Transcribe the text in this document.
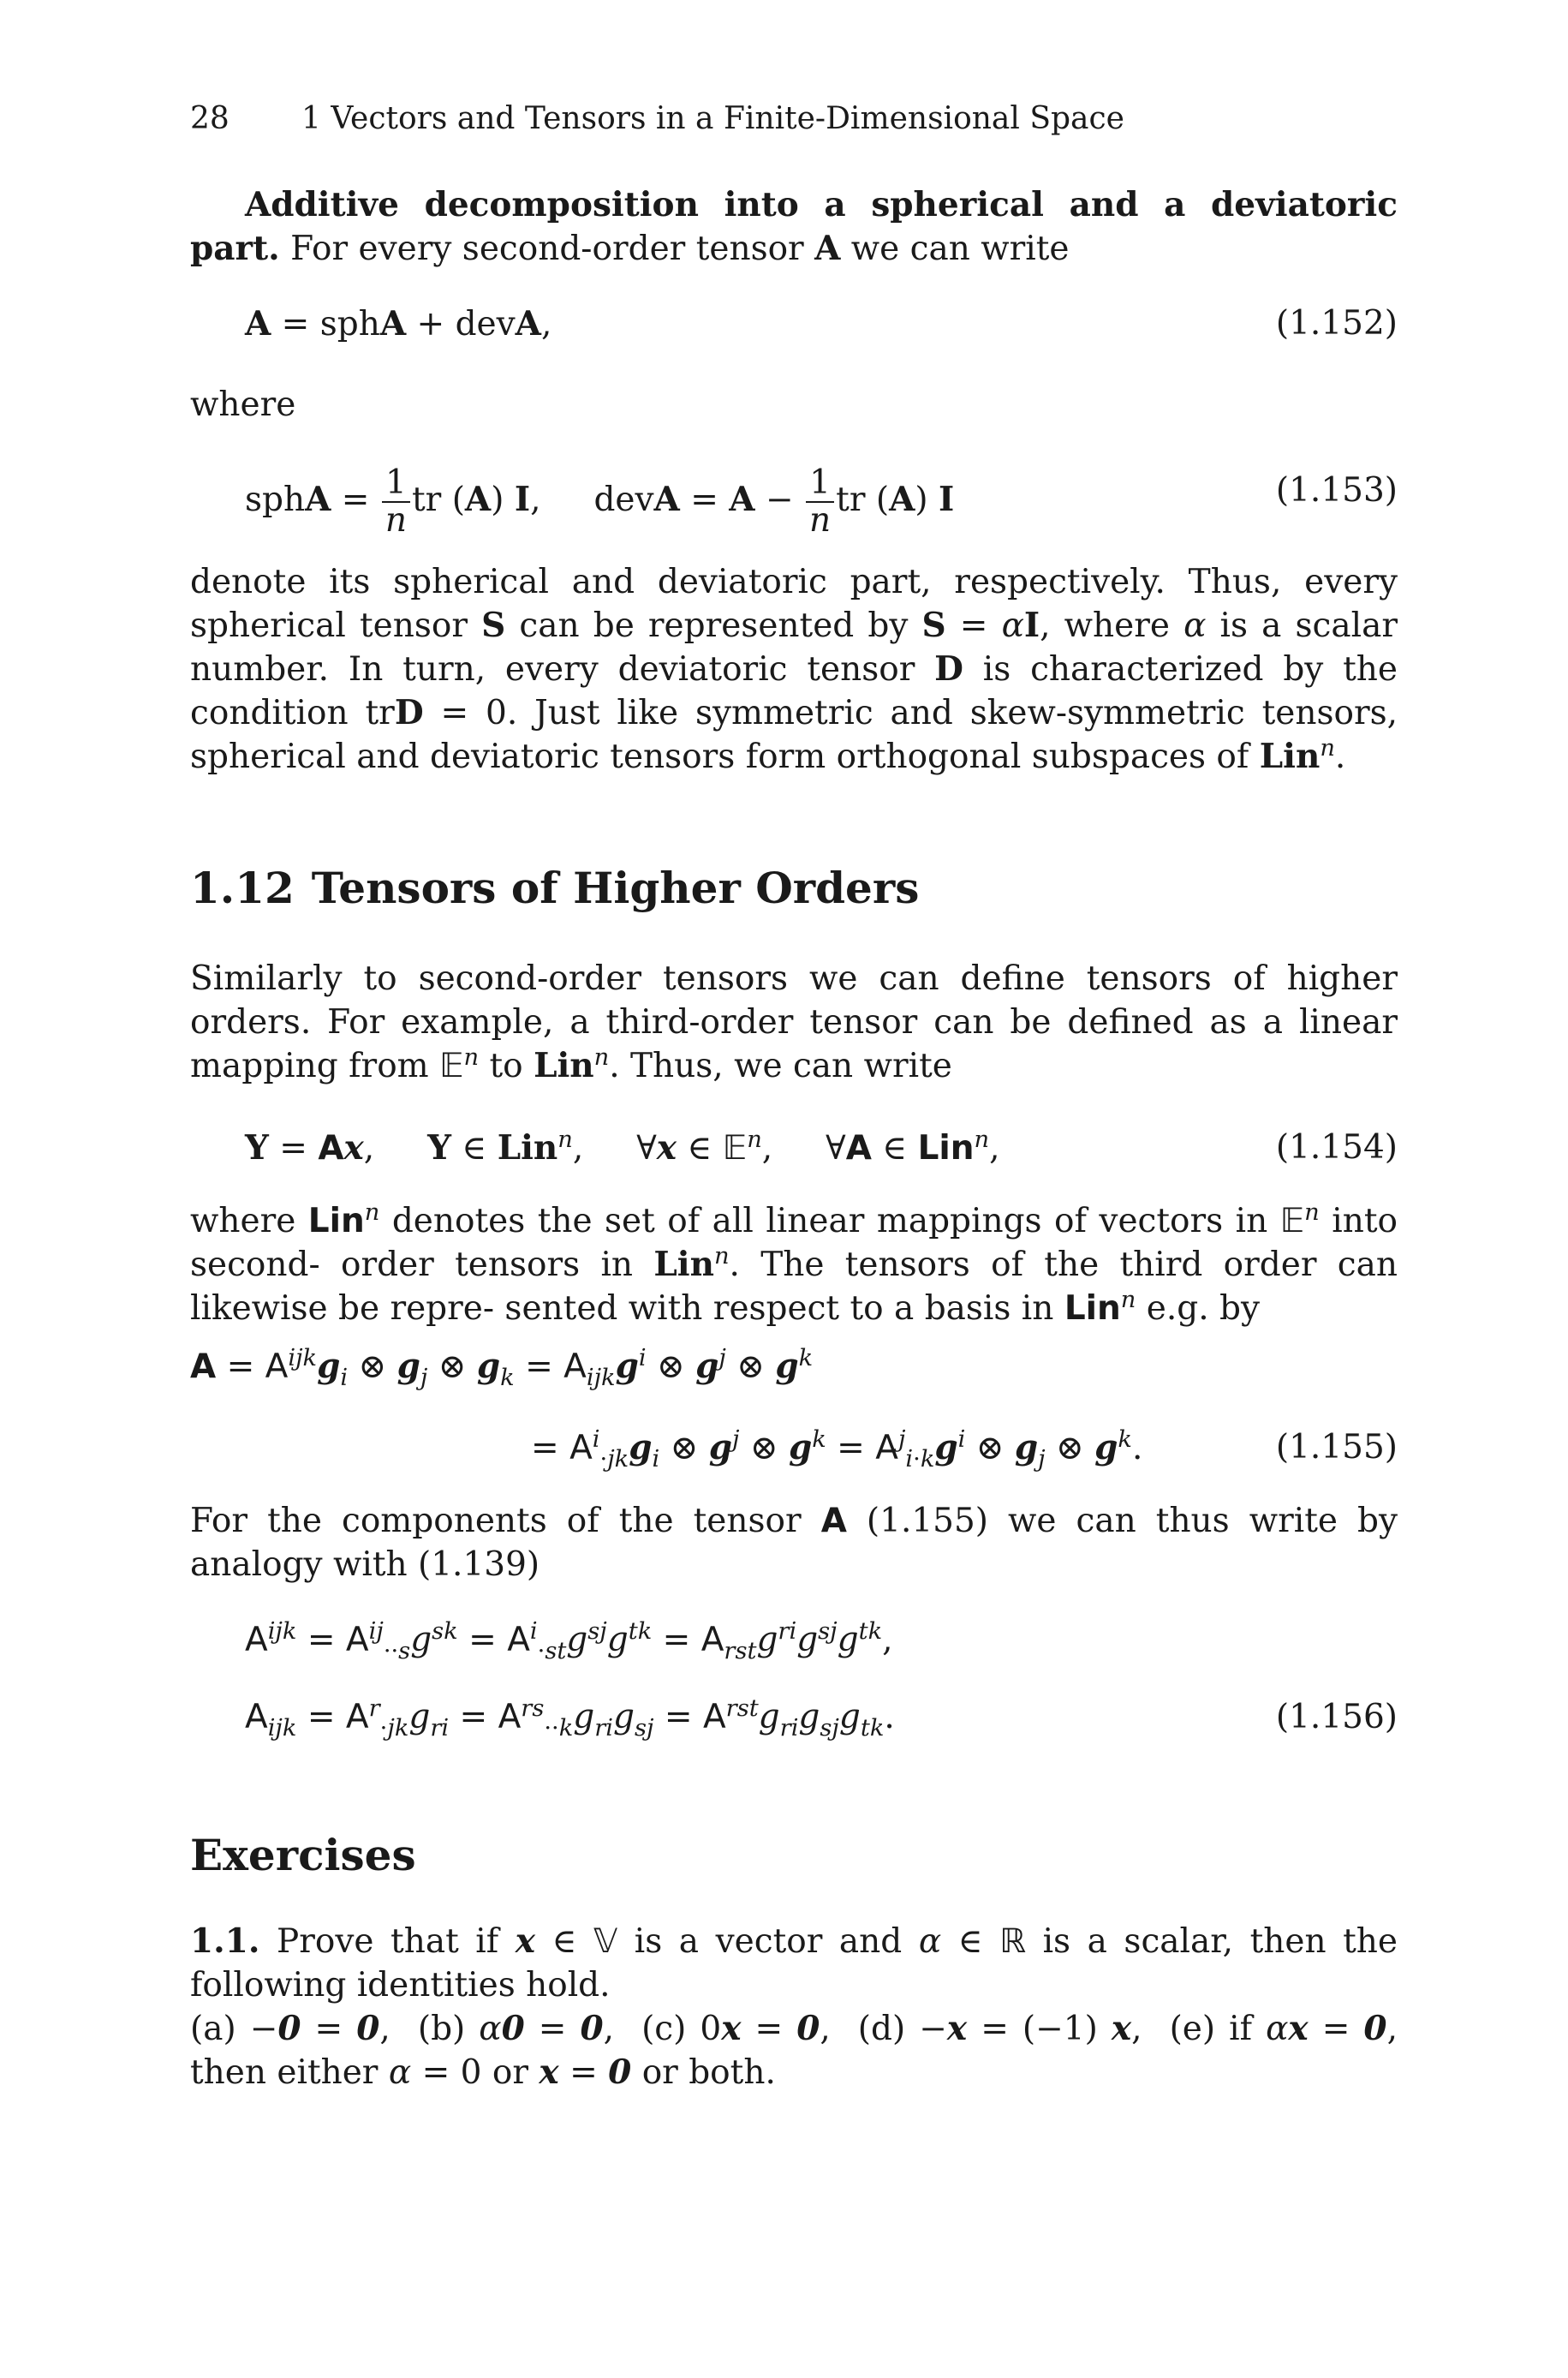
28 1 Vectors and Tensors in a Finite-Dimensional Space
Additive decomposition into a spherical and a deviatoric part. For every second-order tensor A we can write
A = sphA + devA,	(1.152)
where
sphA = $\frac{1}{n}$ tr (A) I,     devA = $A - \frac{1}{n}$ tr (A) I	(1.153)
denote its spherical and deviatoric part, respectively. Thus, every spherical tensor S can be represented by S = αI, where α is a scalar number. In turn, every deviatoric tensor D is characterized by the condition trD = 0. Just like symmetric and skew-symmetric tensors, spherical and deviatoric tensors form orthogonal subspaces of Lin$^n$.
1.12 Tensors of Higher Orders
Similarly to second-order tensors we can define tensors of higher orders. For example, a third-order tensor can be defined as a linear mapping from 𝔼$^n$ to Lin$^n$. Thus, we can write
Y = Ax,     Y ∈ Lin$^n$,     ∀x ∈ 𝔼$^n$,     ∀A ∈ Lin$^n$,	(1.154)
where Lin$^n$ denotes the set of all linear mappings of vectors in 𝔼$^n$ into second- order tensors in Lin$^n$. The tensors of the third order can likewise be repre- sented with respect to a basis in Lin$^n$ e.g. by
$A = A^{ijk}g_i$ ⊗ $g_j$ ⊗ $g_k = A_{ijk}g^i$ ⊗ $g^j$ ⊗ $g^k$
= $A^i_{\cdot jk}g_i$ ⊗ $g^j$ ⊗ $g^k = A^j_{i\cdot k}g^i$ ⊗ $g_j$ ⊗ $g^k$.	(1.155)
For the components of the tensor A (1.155) we can thus write by analogy with (1.139)
$A^{ijk} = A^{ij}_{\cdot\cdot s}g^{sk} = A^i_{\cdot st}g^{sj}g^{tk} = A_{rst}g^{ri}g^{sj}g^{tk}$,
$A_{ijk} = A^r_{\cdot jk}g_{ri} = A^{rs}_{\cdot\cdot k}g_{ri}g_{sj} = A^{rst}g_{ri}g_{sj}g_{tk}$.	(1.156)
Exercises
1.1. Prove that if x ∈ 𝕍 is a vector and α ∈ ℝ is a scalar, then the following identities hold.
(a) −0 = 0,  (b) α0 = 0,  (c) 0x = 0,  (d) −x = (−1) x,  (e) if αx = 0, then either α = 0 or x = 0 or both.
